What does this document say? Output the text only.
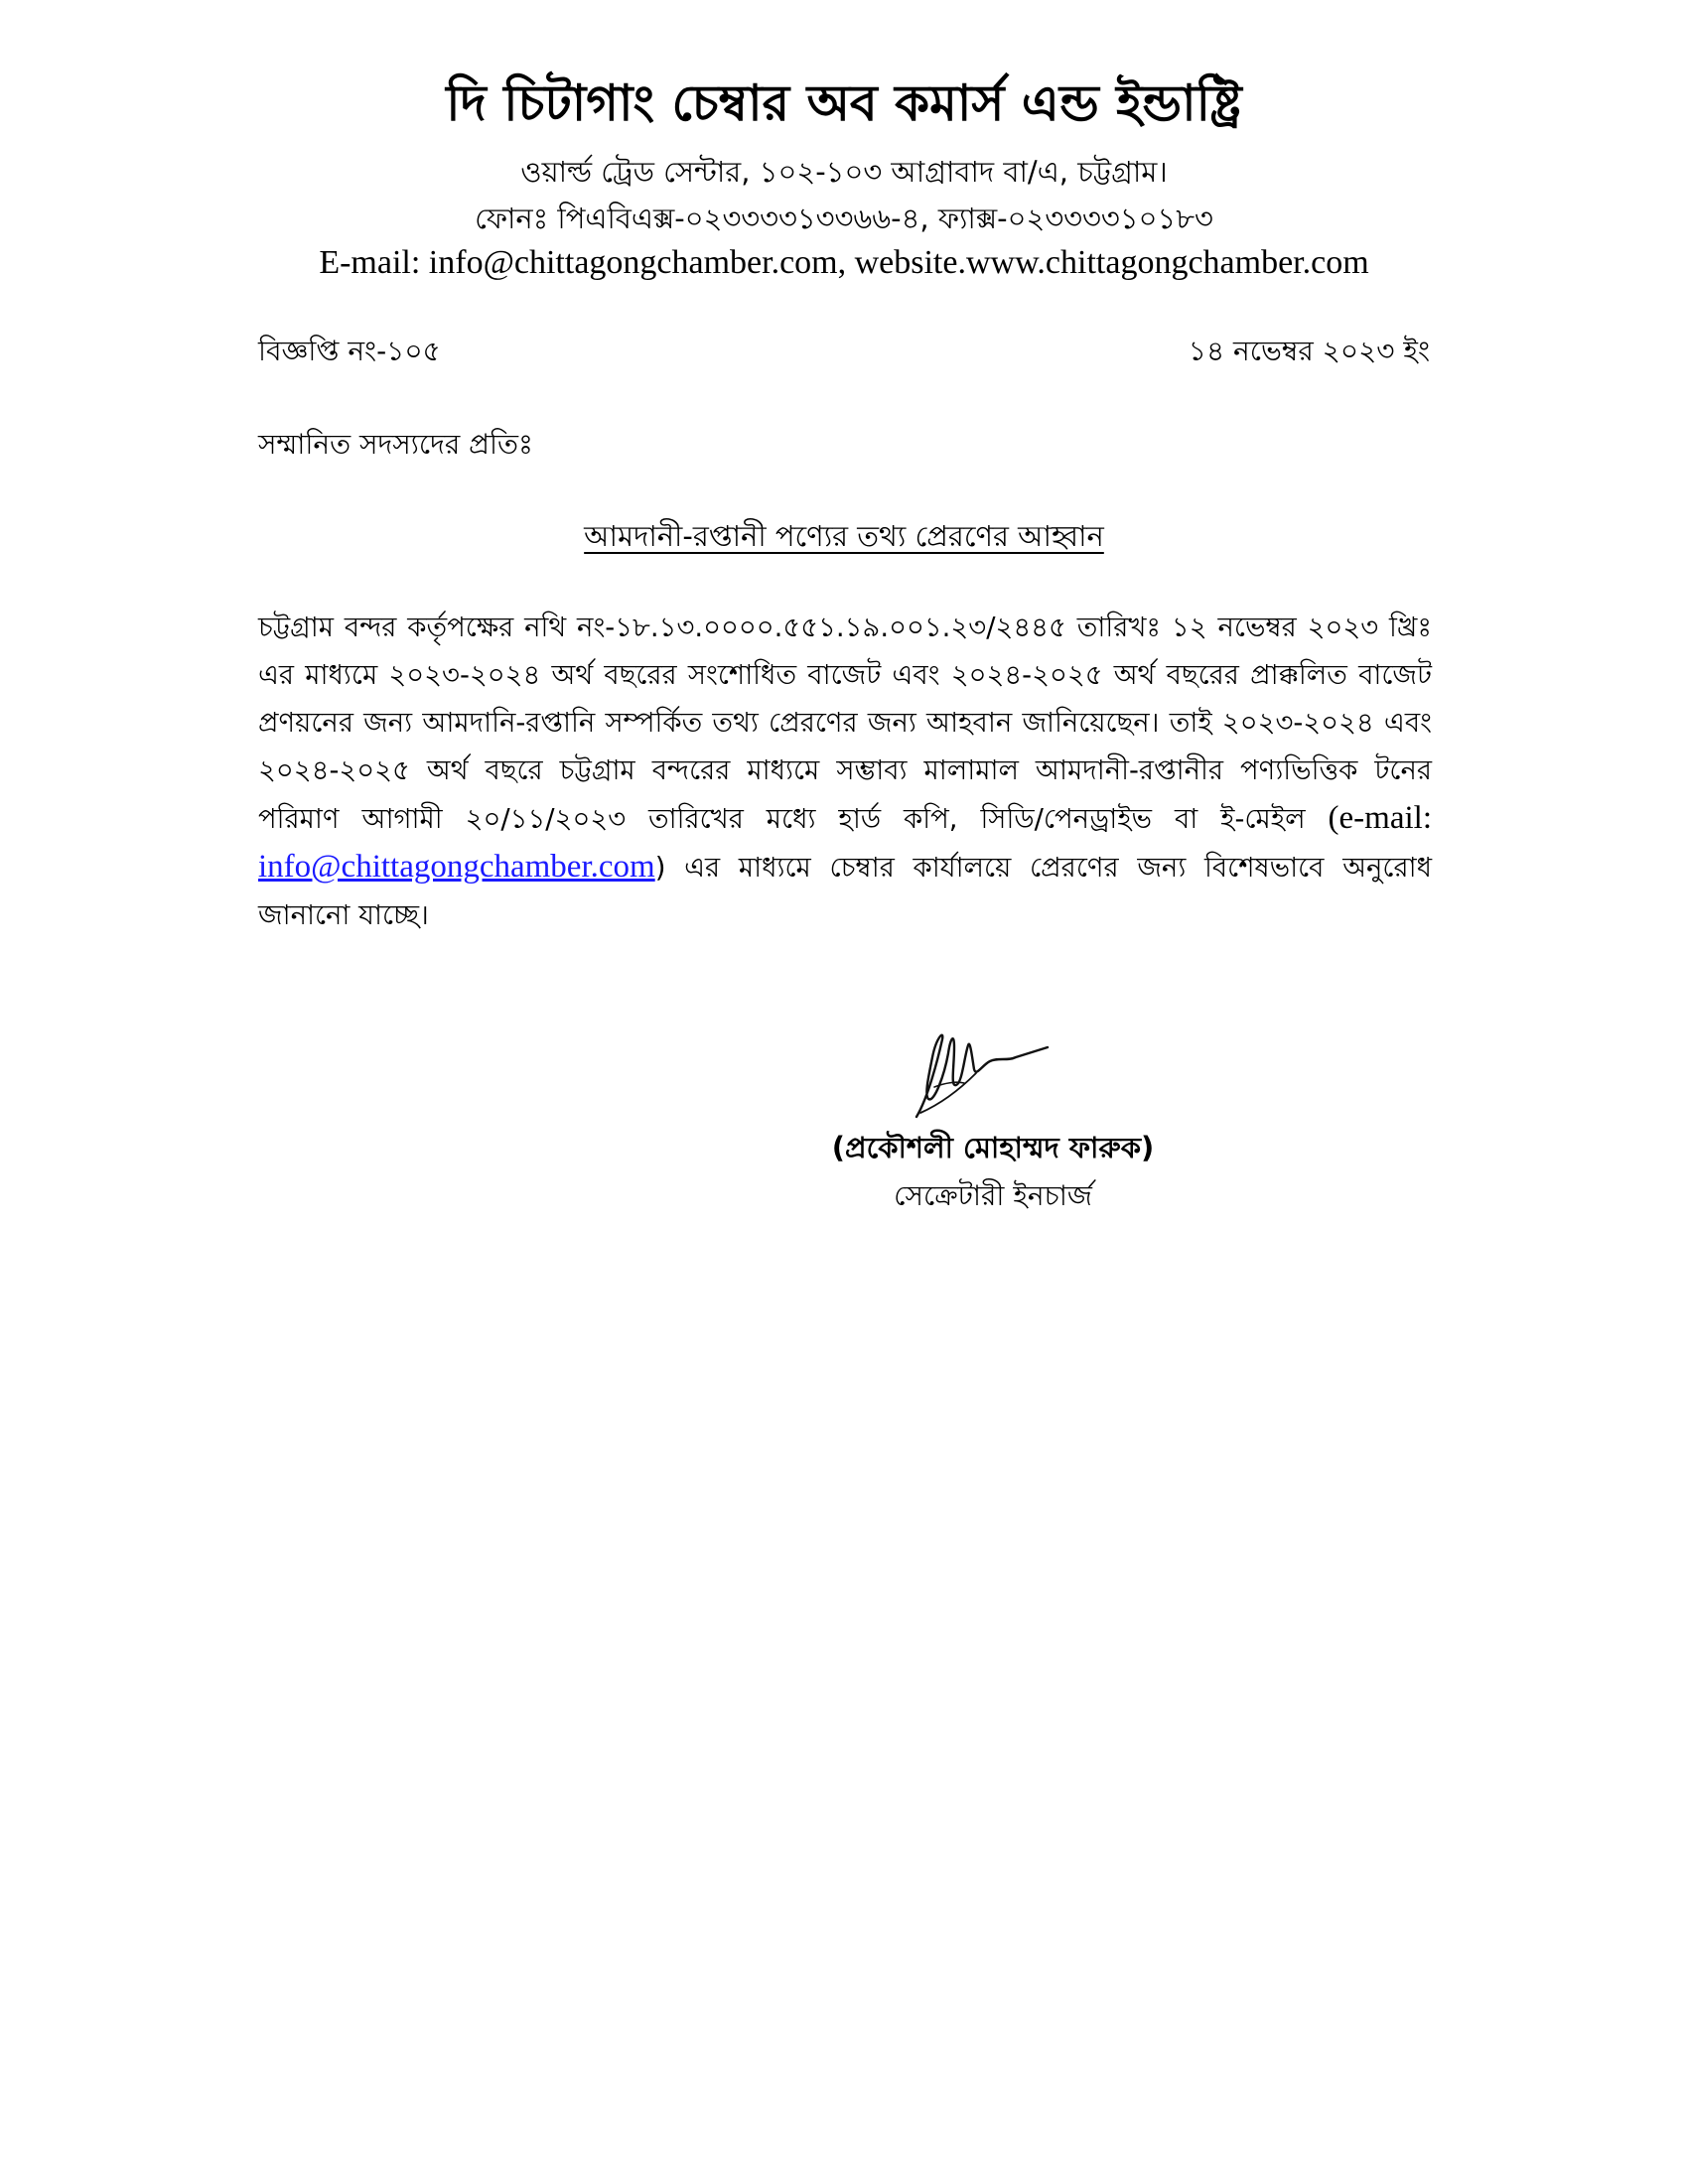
দি চিটাগাং চেম্বার অব কমার্স এন্ড ইন্ডাষ্ট্রি
ওয়ার্ল্ড ট্রেড সেন্টার, ১০২-১০৩ আগ্রাবাদ বা/এ, চট্টগ্রাম।
ফোনঃ পিএবিএক্স-০২৩৩৩৩১৩৩৬৬-৪, ফ্যাক্স-০২৩৩৩৩১০১৮৩
E-mail: info@chittagongchamber.com, website.www.chittagongchamber.com
বিজ্ঞপ্তি নং-১০৫	১৪ নভেম্বর ২০২৩ ইং
সম্মানিত সদস্যদের প্রতিঃ
আমদানী-রপ্তানী পণ্যের তথ্য প্রেরণের আহ্বান
চট্টগ্রাম বন্দর কর্তৃপক্ষের নথি নং-১৮.১৩.০০০০.৫৫১.১৯.০০১.২৩/২৪৪৫ তারিখঃ ১২ নভেম্বর ২০২৩ খ্রিঃ এর মাধ্যমে ২০২৩-২০২৪ অর্থ বছরের সংশোধিত বাজেট এবং ২০২৪-২০২৫ অর্থ বছরের প্রাক্কলিত বাজেট প্রণয়নের জন্য আমদানি-রপ্তানি সম্পর্কিত তথ্য প্রেরণের জন্য আহবান জানিয়েছেন। তাই ২০২৩-২০২৪ এবং ২০২৪-২০২৫ অর্থ বছরে চট্টগ্রাম বন্দরের মাধ্যমে সম্ভাব্য মালামাল আমদানী-রপ্তানীর পণ্যভিত্তিক টনের পরিমাণ আগামী ২০/১১/২০২৩ তারিখের মধ্যে হার্ড কপি, সিডি/পেনড্রাইভ বা ই-মেইল (e-mail: info@chittagongchamber.com) এর মাধ্যমে চেম্বার কার্যালয়ে প্রেরণের জন্য বিশেষভাবে অনুরোধ জানানো যাচ্ছে।
(প্রকৌশলী মোহাম্মদ ফারুক)
সেক্রেটারী ইনচার্জ
